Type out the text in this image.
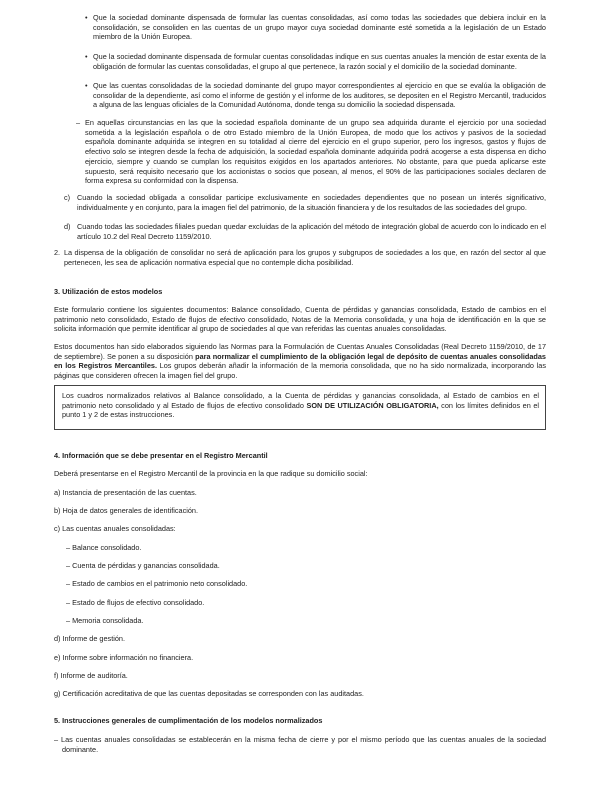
• Que la sociedad dominante dispensada de formular las cuentas consolidadas, así como todas las sociedades que debiera incluir en la consolidación, se consoliden en las cuentas de un grupo mayor cuya sociedad dominante esté sometida a la legislación de un Estado miembro de la Unión Europea.
• Que la sociedad dominante dispensada de formular cuentas consolidadas indique en sus cuentas anuales la mención de estar exenta de la obligación de formular las cuentas consolidadas, el grupo al que pertenece, la razón social y el domicilio de la sociedad dominante.
• Que las cuentas consolidadas de la sociedad dominante del grupo mayor correspondientes al ejercicio en que se evalúa la obligación de consolidar de la dependiente, así como el informe de gestión y el informe de los auditores, se depositen en el Registro Mercantil, traducidos a alguna de las lenguas oficiales de la Comunidad Autónoma, donde tenga su domicilio la sociedad dispensada.
– En aquellas circunstancias en las que la sociedad española dominante de un grupo sea adquirida durante el ejercicio por una sociedad sometida a la legislación española o de otro Estado miembro de la Unión Europea, de modo que los activos y pasivos de la sociedad española dominante adquirida se integren en su totalidad al cierre del ejercicio en el grupo superior, pero los ingresos, gastos y flujos de efectivo solo se integren desde la fecha de adquisición, la sociedad española dominante adquirida podrá acogerse a esta dispensa en dicho ejercicio, siempre y cuando se cumplan los requisitos exigidos en los apartados anteriores. No obstante, para que pueda aplicarse este supuesto, será requisito necesario que los accionistas o socios que posean, al menos, el 90% de las participaciones sociales declaren de forma expresa su conformidad con la dispensa.
c) Cuando la sociedad obligada a consolidar participe exclusivamente en sociedades dependientes que no posean un interés significativo, individualmente y en conjunto, para la imagen fiel del patrimonio, de la situación financiera y de los resultados de las sociedades del grupo.
d) Cuando todas las sociedades filiales puedan quedar excluidas de la aplicación del método de integración global de acuerdo con lo indicado en el artículo 10.2 del Real Decreto 1159/2010.
2. La dispensa de la obligación de consolidar no será de aplicación para los grupos y subgrupos de sociedades a los que, en razón del sector al que pertenecen, les sea de aplicación normativa especial que no contemple dicha posibilidad.
3. Utilización de estos modelos
Este formulario contiene los siguientes documentos: Balance consolidado, Cuenta de pérdidas y ganancias consolidada, Estado de cambios en el patrimonio neto consolidado, Estado de flujos de efectivo consolidado, Notas de la Memoria consolidada, y una hoja de identificación en la que se solicita información que permite identificar al grupo de sociedades al que van referidas las cuentas anuales consolidadas.
Estos documentos han sido elaborados siguiendo las Normas para la Formulación de Cuentas Anuales Consolidadas (Real Decreto 1159/2010, de 17 de septiembre). Se ponen a su disposición para normalizar el cumplimiento de la obligación legal de depósito de cuentas anuales consolidadas en los Registros Mercantiles. Los grupos deberán añadir la información de la memoria consolidada, que no ha sido normalizada, incorporando las páginas que consideren ofrecen la imagen fiel del grupo.
Los cuadros normalizados relativos al Balance consolidado, a la Cuenta de pérdidas y ganancias consolidada, al Estado de cambios en el patrimonio neto consolidado y al Estado de flujos de efectivo consolidado SON DE UTILIZACIÓN OBLIGATORIA, con los límites definidos en el punto 1 y 2 de estas instrucciones.
4. Información que se debe presentar en el Registro Mercantil
Deberá presentarse en el Registro Mercantil de la provincia en la que radique su domicilio social:
a) Instancia de presentación de las cuentas.
b) Hoja de datos generales de identificación.
c) Las cuentas anuales consolidadas:
– Balance consolidado.
– Cuenta de pérdidas y ganancias consolidada.
– Estado de cambios en el patrimonio neto consolidado.
– Estado de flujos de efectivo consolidado.
– Memoria consolidada.
d) Informe de gestión.
e) Informe sobre información no financiera.
f) Informe de auditoría.
g) Certificación acreditativa de que las cuentas depositadas se corresponden con las auditadas.
5. Instrucciones generales de cumplimentación de los modelos normalizados
– Las cuentas anuales consolidadas se establecerán en la misma fecha de cierre y por el mismo período que las cuentas anuales de la sociedad dominante.
